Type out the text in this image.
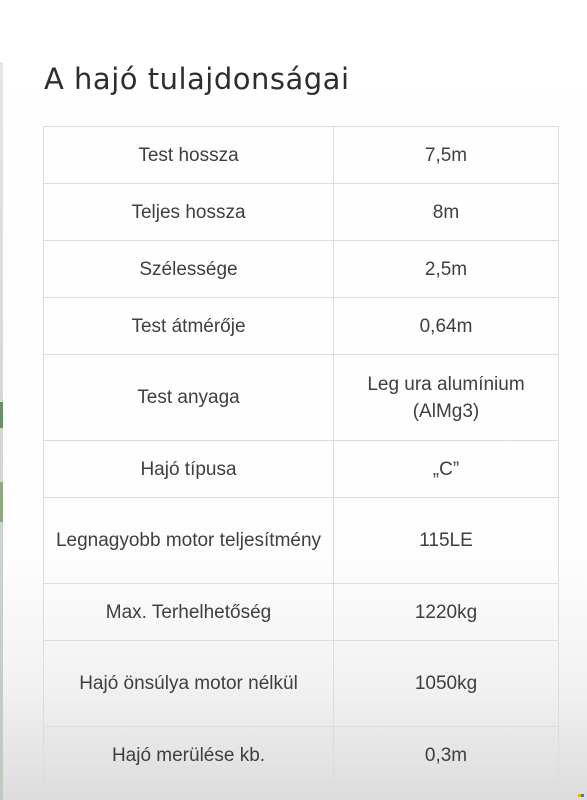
A hajó tulajdonságai
Test hossza	7,5m
Teljes hossza	8m
Szélessége	2,5m
Test átmérője	0,64m
Test anyaga	Leg ura alumínium (AlMg3)
Hajó típusa	„C”
Legnagyobb motor teljesítmény	115LE
Max. Terhelhetőség	1220kg
Hajó önsúlya motor nélkül	1050kg
Hajó merülése kb.	0,3m
